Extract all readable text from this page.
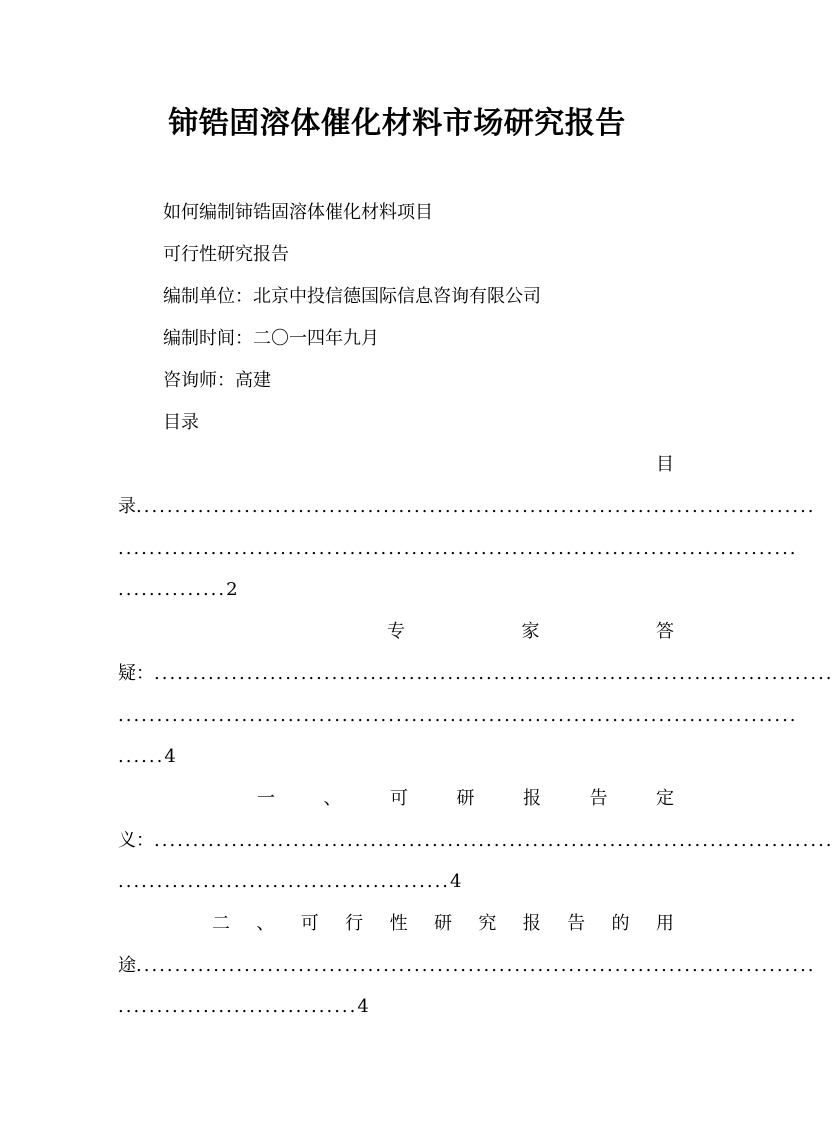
铈锆固溶体催化材料市场研究报告
如何编制铈锆固溶体催化材料项目
可行性研究报告
编制单位：北京中投信德国际信息咨询有限公司
编制时间：二〇一四年九月
咨询师：高建
目录
目
录........................................................................................
........................................................................................
..............2
专	家	答
疑：........................................................................................
........................................................................................
......4
一	、	可	研	报	告	定
义：........................................................................................
...........................................4
二 、 可 行 性 研 究 报 告 的 用
途........................................................................................
...............................4
